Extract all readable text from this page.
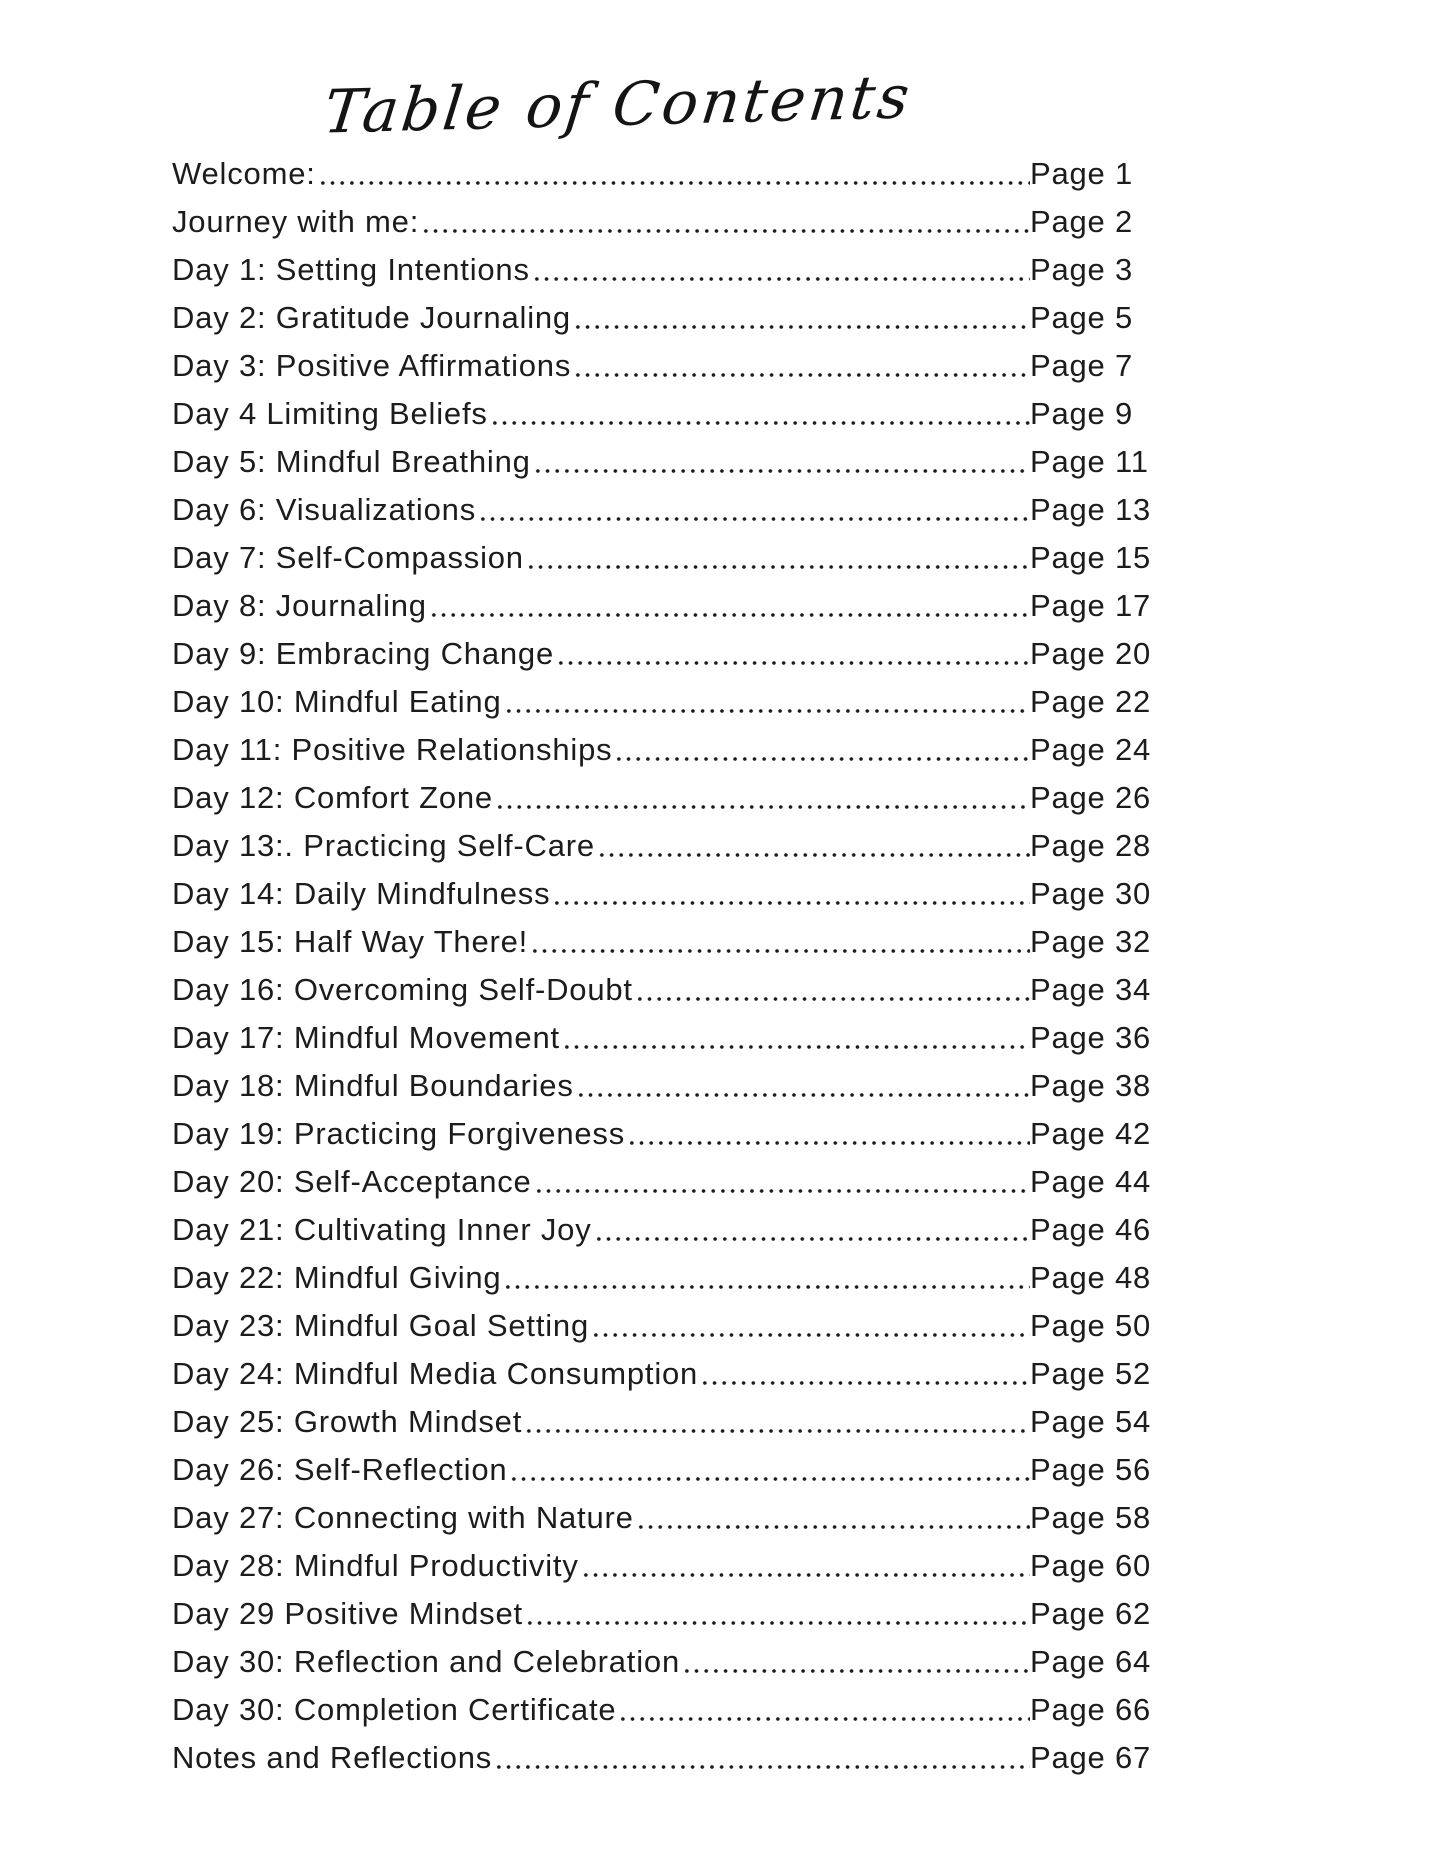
Table of Contents
Welcome:	Page 1
Journey with me:	Page 2
Day 1: Setting Intentions	Page 3
Day 2: Gratitude Journaling	Page 5
Day 3: Positive Affirmations	Page 7
Day 4 Limiting Beliefs	Page 9
Day 5: Mindful Breathing	Page 11
Day 6: Visualizations	Page 13
Day 7: Self-Compassion	Page 15
Day 8: Journaling	Page 17
Day 9: Embracing Change	Page 20
Day 10: Mindful Eating	Page 22
Day 11: Positive Relationships	Page 24
Day 12: Comfort Zone	Page 26
Day 13:. Practicing Self-Care	Page 28
Day 14: Daily Mindfulness	Page 30
Day 15: Half Way There!	Page 32
Day 16: Overcoming Self-Doubt	Page 34
Day 17: Mindful Movement	Page 36
Day 18: Mindful Boundaries	Page 38
Day 19: Practicing Forgiveness	Page 42
Day 20: Self-Acceptance	Page 44
Day 21: Cultivating Inner Joy	Page 46
Day 22: Mindful Giving	Page 48
Day 23: Mindful Goal Setting	Page 50
Day 24: Mindful Media Consumption	Page 52
Day 25: Growth Mindset	Page 54
Day 26: Self-Reflection	Page 56
Day 27: Connecting with Nature	Page 58
Day 28: Mindful Productivity	Page 60
Day 29 Positive Mindset	Page 62
Day 30: Reflection and Celebration	Page 64
Day 30: Completion Certificate	Page 66
Notes and Reflections	Page 67
